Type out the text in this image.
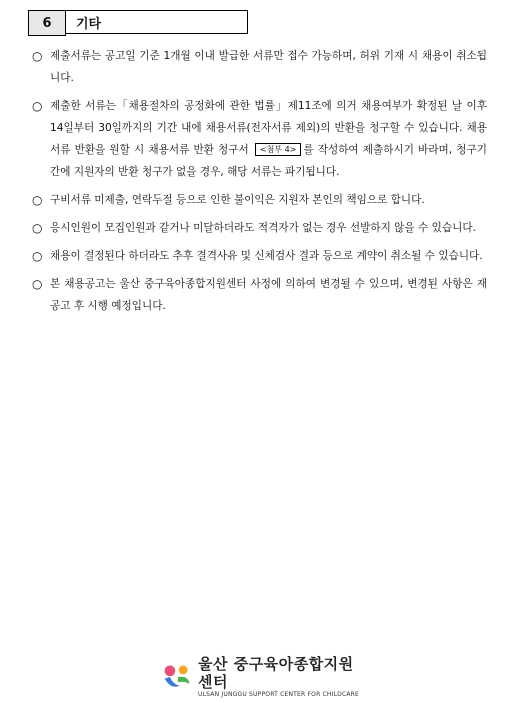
6	기타
○ 제출서류는 공고일 기준 1개월 이내 발급한 서류만 접수 가능하며, 허위 기재 시 채용이 취소됩니다.
○ 제출한 서류는「채용절차의 공정화에 관한 법률」제11조에 의거 채용여부가 확정된 날 이후 14일부터 30일까지의 기간 내에 채용서류(전자서류 제외)의 반환을 청구할 수 있습니다. 채용서류 반환을 원할 시 채용서류 반환 청구서 <첨부 4> 를 작성하여 제출하시기 바라며, 청구기간에 지원자의 반환 청구가 없을 경우, 해당 서류는 파기됩니다.
○ 구비서류 미제출, 연락두절 등으로 인한 불이익은 지원자 본인의 책임으로 합니다.
○ 응시인원이 모집인원과 같거나 미달하더라도 적격자가 없는 경우 선발하지 않을 수 있습니다.
○ 채용이 결정된다 하더라도 추후 결격사유 및 신체검사 결과 등으로 계약이 취소될 수 있습니다.
○ 본 채용공고는 울산 중구육아종합지원센터 사정에 의하여 변경될 수 있으며, 변경된 사항은 재공고 후 시행 예정입니다.
울산 중구육아종합지원센터
ULSAN JUNGGU SUPPORT CENTER FOR CHILDCARE
